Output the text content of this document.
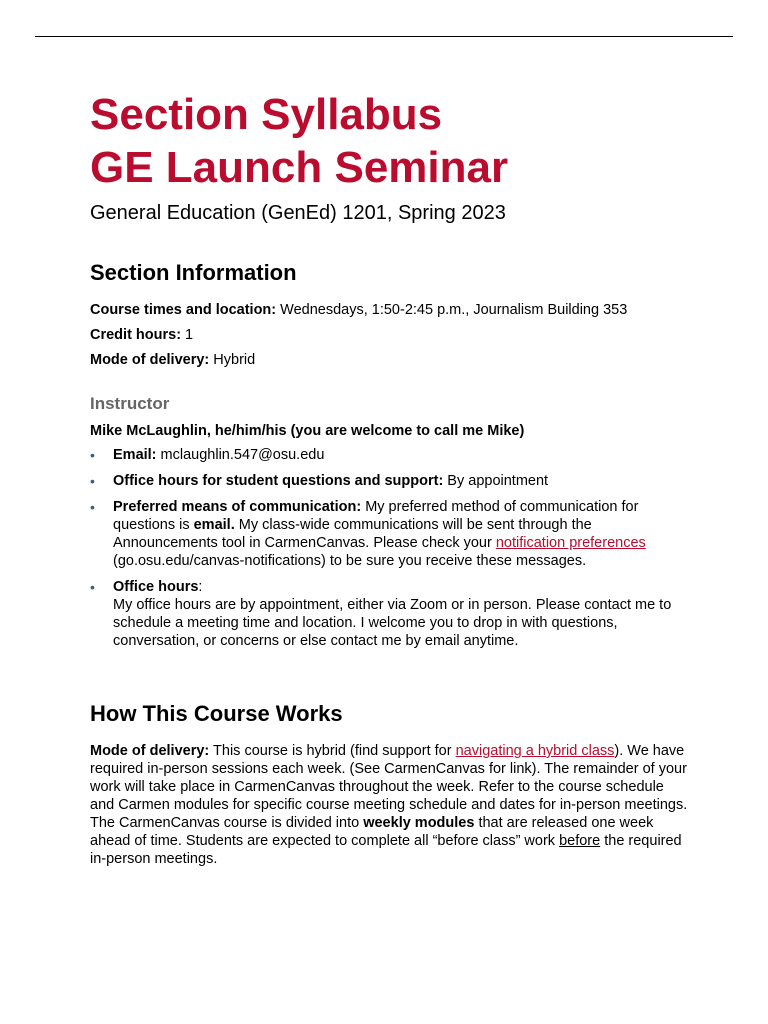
Section Syllabus
GE Launch Seminar

General Education (GenEd) 1201, Spring 2023

Section Information

Course times and location: Wednesdays, 1:50-2:45 p.m., Journalism Building 353

Credit hours: 1

Mode of delivery: Hybrid

Instructor

Mike McLaughlin, he/him/his (you are welcome to call me Mike)

• Email: mclaughlin.547@osu.edu
• Office hours for student questions and support: By appointment
• Preferred means of communication: My preferred method of communication for questions is email. My class-wide communications will be sent through the Announcements tool in CarmenCanvas. Please check your notification preferences (go.osu.edu/canvas-notifications) to be sure you receive these messages.
• Office hours:
My office hours are by appointment, either via Zoom or in person. Please contact me to schedule a meeting time and location. I welcome you to drop in with questions, conversation, or concerns or else contact me by email anytime.
How This Course Works

Mode of delivery: This course is hybrid (find support for navigating a hybrid class). We have required in-person sessions each week. (See CarmenCanvas for link). The remainder of your work will take place in CarmenCanvas throughout the week. Refer to the course schedule and Carmen modules for specific course meeting schedule and dates for in-person meetings. The CarmenCanvas course is divided into weekly modules that are released one week ahead of time. Students are expected to complete all “before class” work before the required in-person meetings.
